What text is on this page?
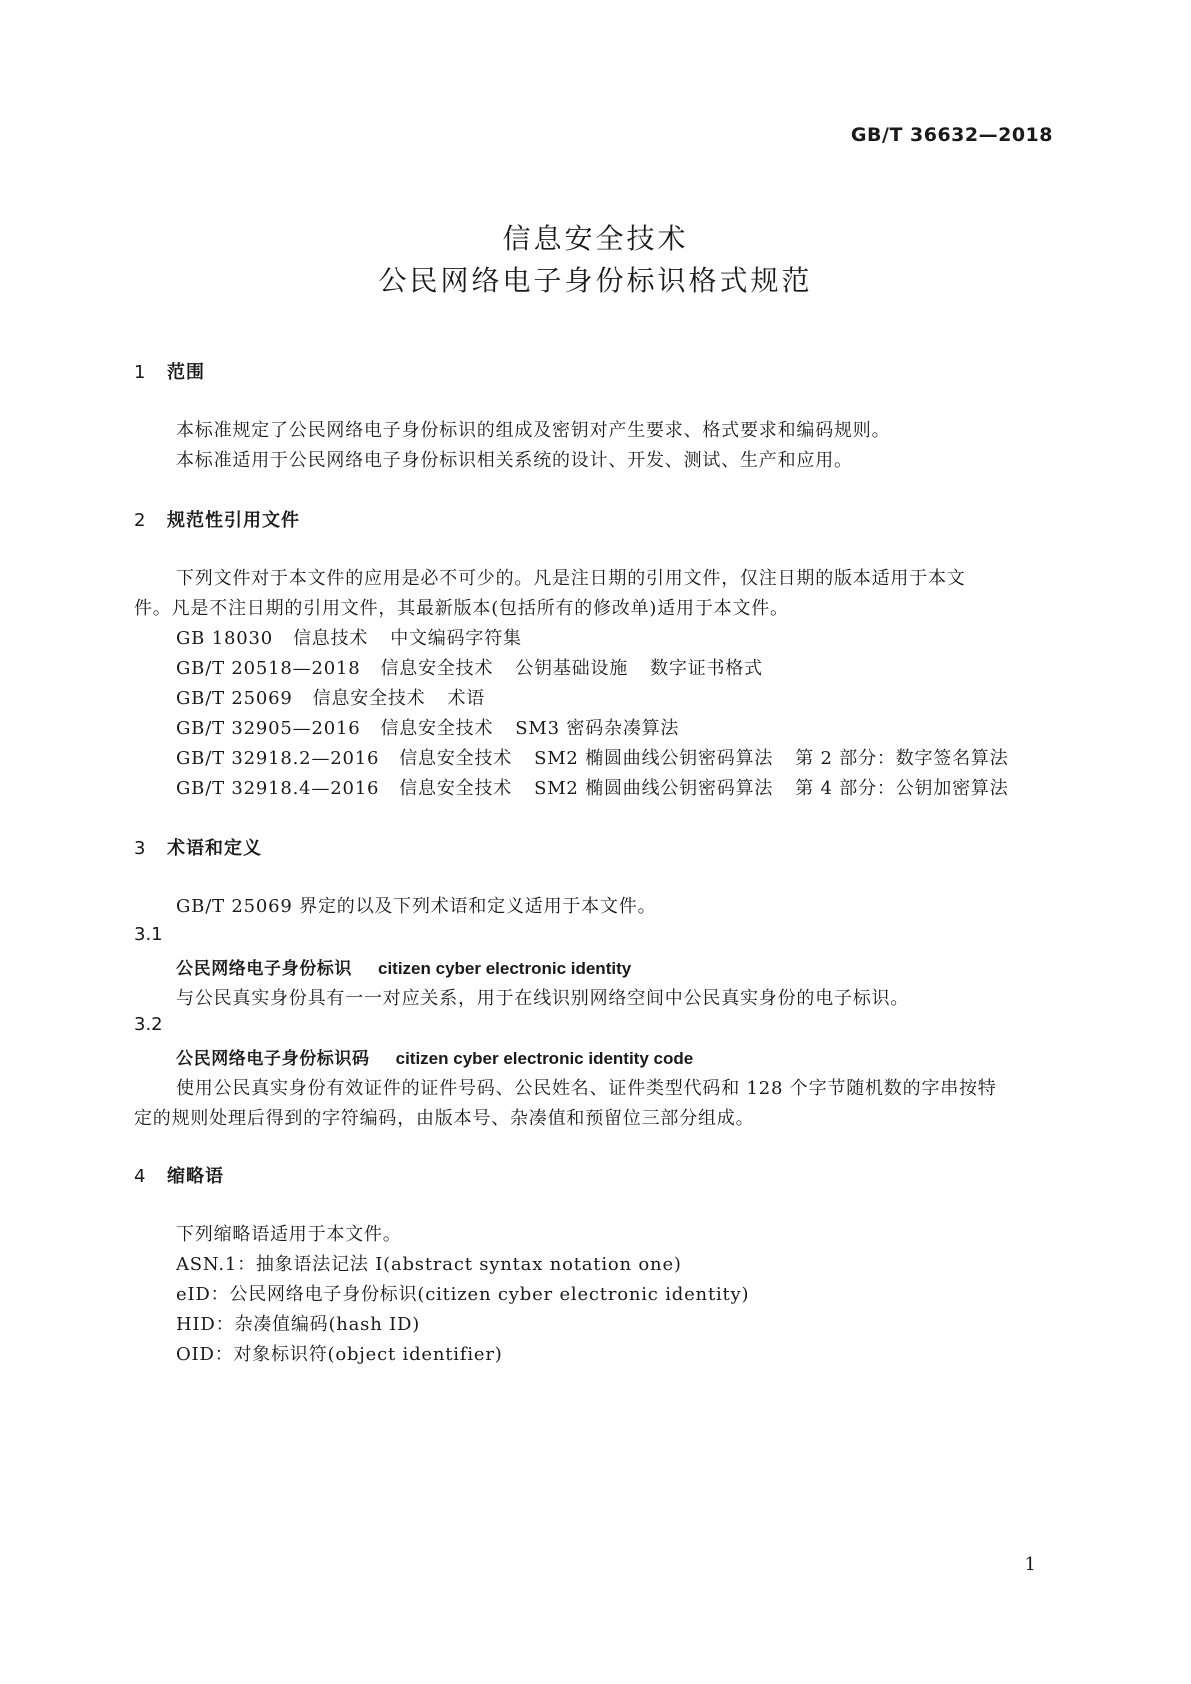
GB/T 36632—2018
信息安全技术
公民网络电子身份标识格式规范
1 范围
本标准规定了公民网络电子身份标识的组成及密钥对产生要求、格式要求和编码规则。
本标准适用于公民网络电子身份标识相关系统的设计、开发、测试、生产和应用。
2 规范性引用文件
下列文件对于本文件的应用是必不可少的。凡是注日期的引用文件，仅注日期的版本适用于本文
件。凡是不注日期的引用文件，其最新版本(包括所有的修改单)适用于本文件。
GB 18030 信息技术 中文编码字符集
GB/T 20518—2018 信息安全技术 公钥基础设施 数字证书格式
GB/T 25069 信息安全技术 术语
GB/T 32905—2016 信息安全技术 SM3 密码杂凑算法
GB/T 32918.2—2016 信息安全技术 SM2 椭圆曲线公钥密码算法 第 2 部分：数字签名算法
GB/T 32918.4—2016 信息安全技术 SM2 椭圆曲线公钥密码算法 第 4 部分：公钥加密算法
3 术语和定义
GB/T 25069 界定的以及下列术语和定义适用于本文件。
3.1
公民网络电子身份标识 citizen cyber electronic identity
与公民真实身份具有一一对应关系，用于在线识别网络空间中公民真实身份的电子标识。
3.2
公民网络电子身份标识码 citizen cyber electronic identity code
使用公民真实身份有效证件的证件号码、公民姓名、证件类型代码和 128 个字节随机数的字串按特
定的规则处理后得到的字符编码，由版本号、杂凑值和预留位三部分组成。
4 缩略语
下列缩略语适用于本文件。
ASN.1：抽象语法记法 I(abstract syntax notation one)
eID：公民网络电子身份标识(citizen cyber electronic identity)
HID：杂凑值编码(hash ID)
OID：对象标识符(object identifier)
1
